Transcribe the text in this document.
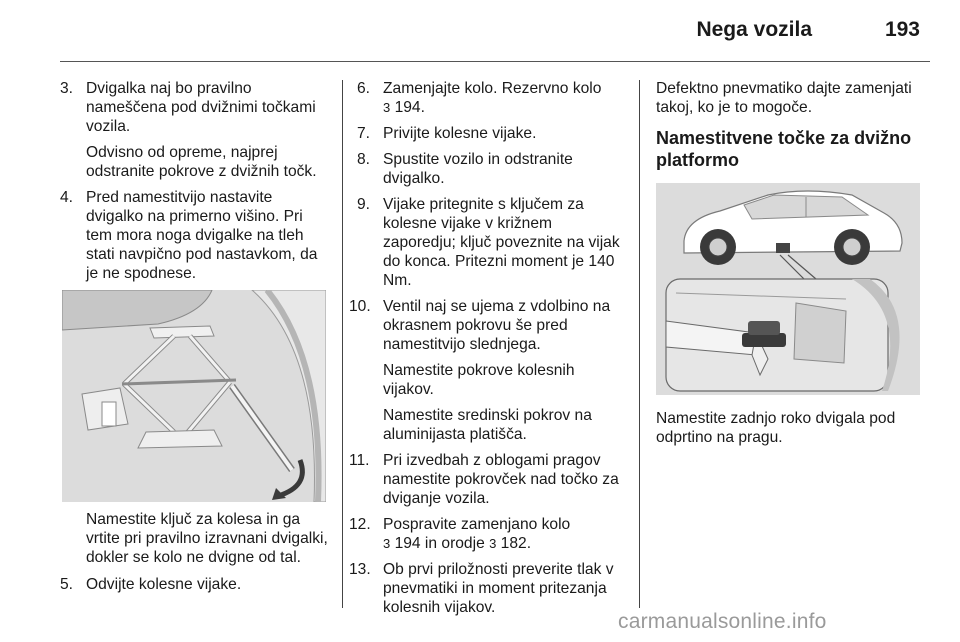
Nega vozila	193
3. Dvigalka naj bo pravilno nameščena pod dvižnimi točkami vozila.

Odvisno od opreme, najprej odstranite pokrove z dvižnih točk.

4. Pred namestitvijo nastavite dvigalko na primerno višino. Pri tem mora noga dvigalke na tleh stati navpično pod nastavkom, da je ne spodnese.

Namestite ključ za kolesa in ga vrtite pri pravilno izravnani dvigalki, dokler se kolo ne dvigne od tal.

5. Odvijte kolesne vijake.

6. Zamenjajte kolo. Rezervno kolo
3 194.

7. Privijte kolesne vijake.

8. Spustite vozilo in odstranite dvigalko.

9. Vijake pritegnite s ključem za kolesne vijake v križnem zaporedju; ključ poveznite na vijak do konca. Pritezni moment je 140 Nm.

10. Ventil naj se ujema z vdolbino na okrasnem pokrovu še pred namestitvijo slednjega.

Namestite pokrove kolesnih vijakov.

Namestite sredinski pokrov na aluminijasta platišča.

11. Pri izvedbah z oblogami pragov namestite pokrovček nad točko za dviganje vozila.

12. Pospravite zamenjano kolo
3 194 in orodje 3 182.

13. Ob prvi priložnosti preverite tlak v pnevmatiki in moment pritezanja kolesnih vijakov.

Defektno pnevmatiko dajte zamenjati takoj, ko je to mogoče.

Namestitvene točke za dvižno platformo

Namestite zadnjo roko dvigala pod odprtino na pragu.

carmanualsonline.info
